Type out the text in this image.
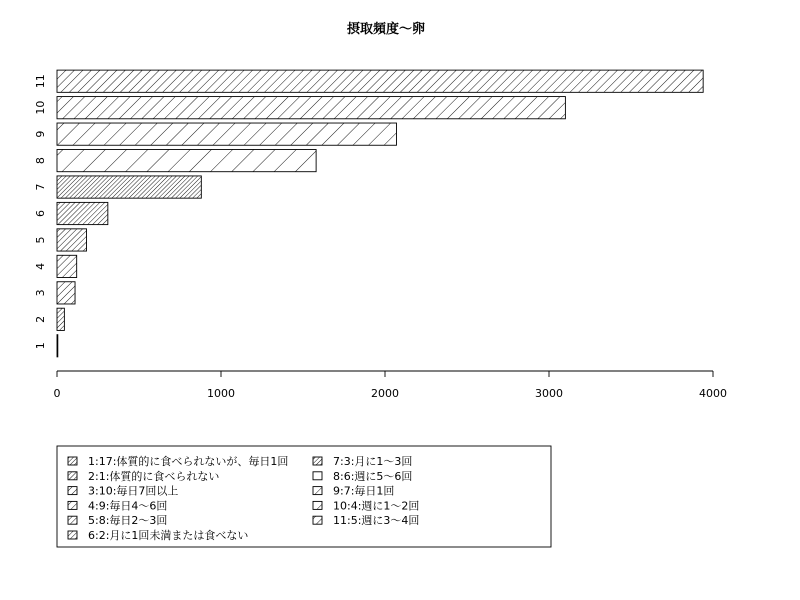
摂取頻度〜卵
1
2
3
4
5
6
7
8
9
10
11
0	1000	2000	3000	4000
1:17:体質的に食べられないが、毎日1回
2:1:体質的に食べられない
3:10:毎日7回以上
4:9:毎日4〜6回
5:8:毎日2〜3回
6:2:月に1回未満または食べない
7:3:月に1〜3回
8:6:週に5〜6回
9:7:毎日1回
10:4:週に1〜2回
11:5:週に3〜4回
